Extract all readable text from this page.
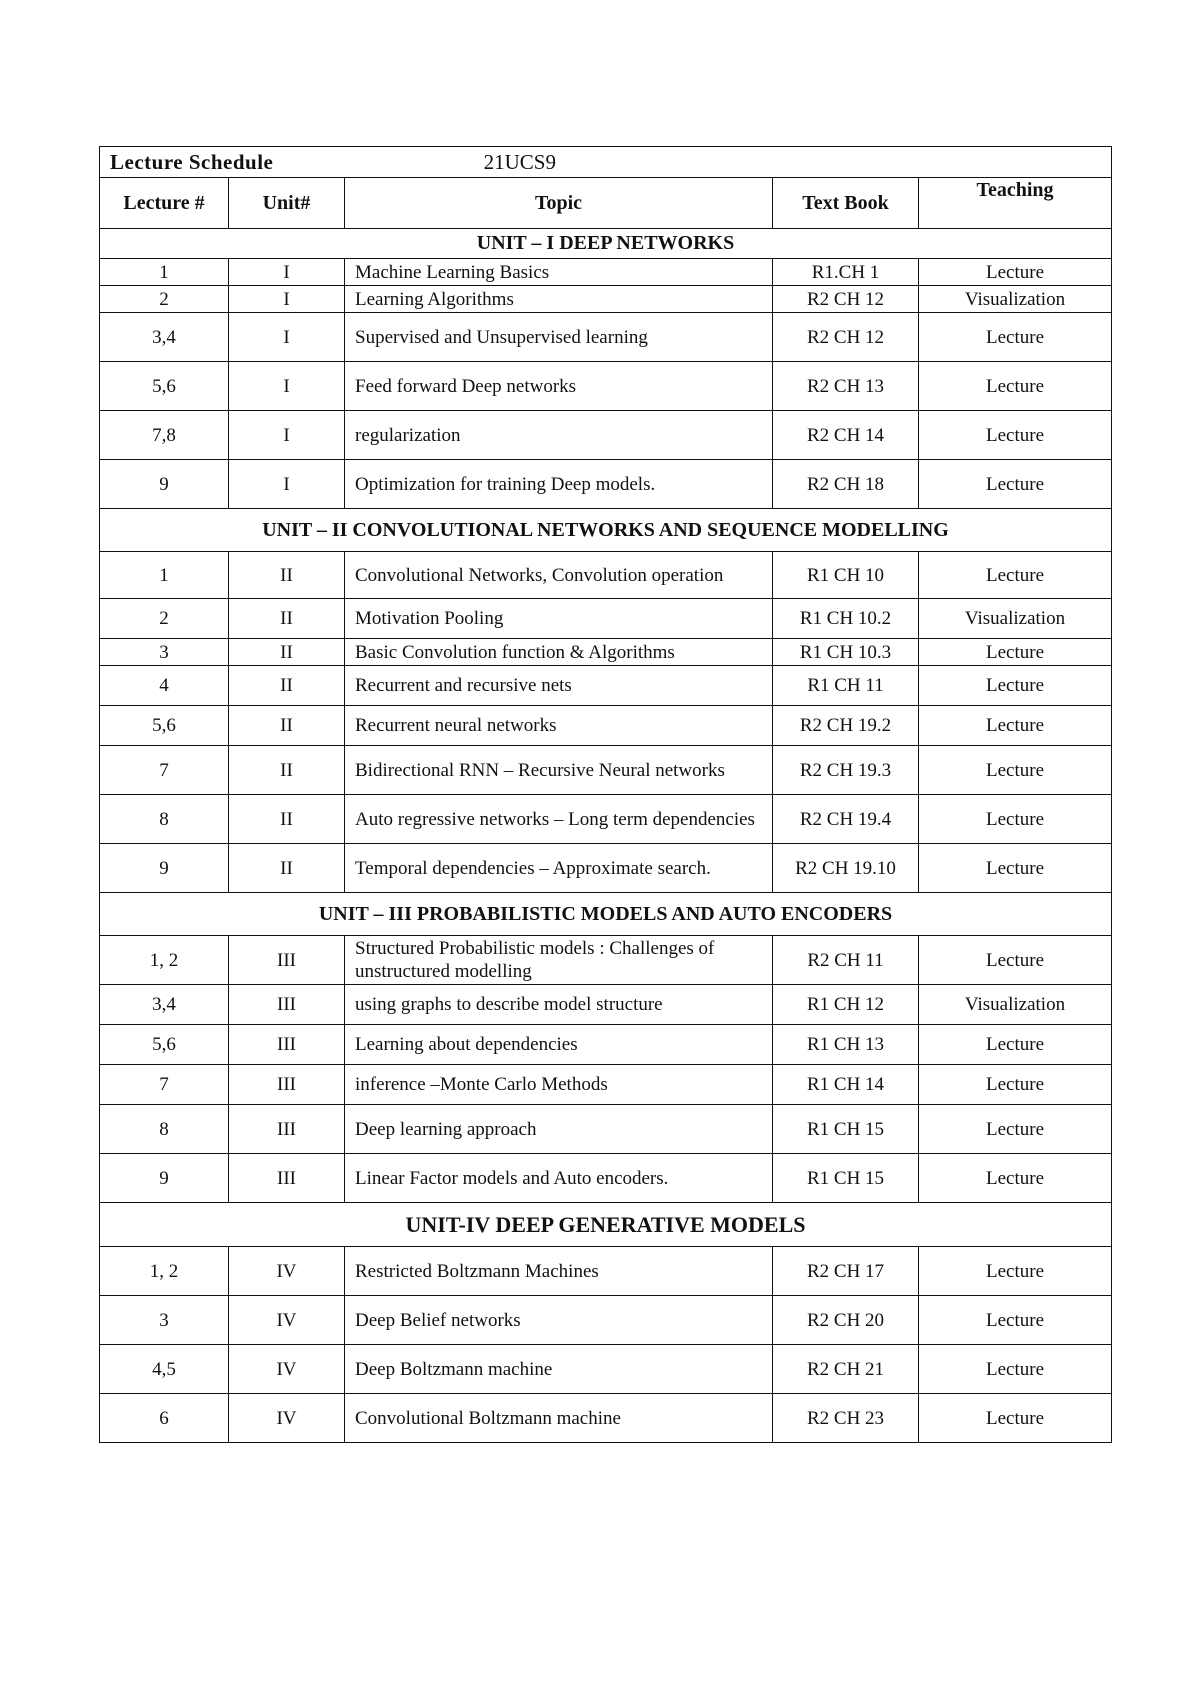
Lecture Schedule 21UCS9				
Lecture #	Unit#	Topic	Text Book	Teaching
UNIT – I DEEP NETWORKS				
1	I	Machine Learning Basics	R1.CH 1	Lecture
2	I	Learning Algorithms	R2 CH 12	Visualization
3,4	I	Supervised and Unsupervised learning	R2 CH 12	Lecture
5,6	I	Feed forward Deep networks	R2 CH 13	Lecture
7,8	I	regularization	R2 CH 14	Lecture
9	I	Optimization for training Deep models.	R2 CH 18	Lecture
UNIT – II CONVOLUTIONAL NETWORKS AND SEQUENCE MODELLING				
1	II	Convolutional Networks, Convolution operation	R1 CH 10	Lecture
2	II	Motivation Pooling	R1 CH 10.2	Visualization
3	II	Basic Convolution function & Algorithms	R1 CH 10.3	Lecture
4	II	Recurrent and recursive nets	R1 CH 11	Lecture
5,6	II	Recurrent neural networks	R2 CH 19.2	Lecture
7	II	Bidirectional RNN – Recursive Neural networks	R2 CH 19.3	Lecture
8	II	Auto regressive networks – Long term dependencies	R2 CH 19.4	Lecture
9	II	Temporal dependencies – Approximate search.	R2 CH 19.10	Lecture
UNIT – III PROBABILISTIC MODELS AND AUTO ENCODERS				
1, 2	III	Structured Probabilistic models : Challenges of unstructured modelling	R2 CH 11	Lecture
3,4	III	using graphs to describe model structure	R1 CH 12	Visualization
5,6	III	Learning about dependencies	R1 CH 13	Lecture
7	III	inference –Monte Carlo Methods	R1 CH 14	Lecture
8	III	Deep learning approach	R1 CH 15	Lecture
9	III	Linear Factor models and Auto encoders.	R1 CH 15	Lecture
UNIT-IV DEEP GENERATIVE MODELS				
1, 2	IV	Restricted Boltzmann Machines	R2 CH 17	Lecture
3	IV	Deep Belief networks	R2 CH 20	Lecture
4,5	IV	Deep Boltzmann machine	R2 CH 21	Lecture
6	IV	Convolutional Boltzmann machine	R2 CH 23	Lecture
